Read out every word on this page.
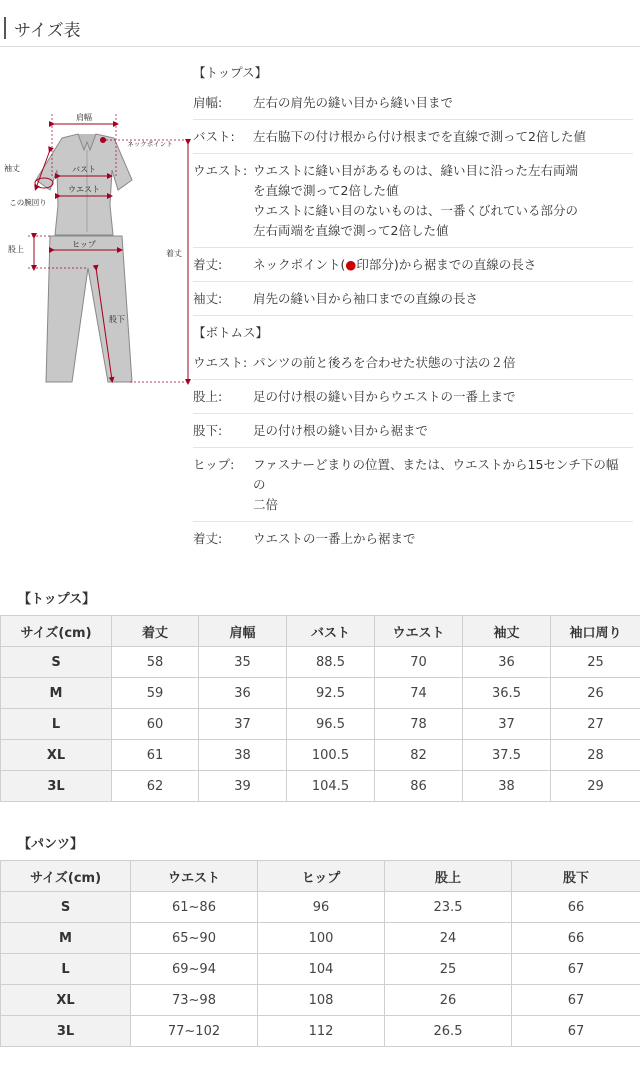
サイズ表
肩幅
ネックポイント
袖丈	バスト
ウエスト
この腕回り
股上
ヒップ
着丈
股下
【トップス】
肩幅:	左右の肩先の縫い目から縫い目まで
バスト:	左右脇下の付け根から付け根までを直線で測って2倍した値
ウエスト: ウエストに縫い目があるものは、縫い目に沿った左右両端
を直線で測って2倍した値
ウエストに縫い目のないものは、一番くびれている部分の
左右両端を直線で測って2倍した値
着丈:	ネックポイント(●印部分)から裾までの直線の長さ
袖丈:	肩先の縫い目から袖口までの直線の長さ
【ボトムス】
ウエスト: パンツの前と後ろを合わせた状態の寸法の２倍
股上:	足の付け根の縫い目からウエストの一番上まで
股下:	足の付け根の縫い目から裾まで
ヒップ:	ファスナーどまりの位置、または、ウエストから15センチ下の幅の
二倍
着丈:	ウエストの一番上から裾まで
【トップス】
サイズ(cm)	着丈	肩幅	バスト	ウエスト	袖丈	袖口周り
S	58	35	88.5	70	36	25
M	59	36	92.5	74	36.5	26
L	60	37	96.5	78	37	27
XL	61	38	100.5	82	37.5	28
3L	62	39	104.5	86	38	29
【パンツ】
サイズ(cm)	ウエスト	ヒップ	股上	股下
S	61~86	96	23.5	66
M	65~90	100	24	66
L	69~94	104	25	67
XL	73~98	108	26	67
3L	77~102	112	26.5	67
